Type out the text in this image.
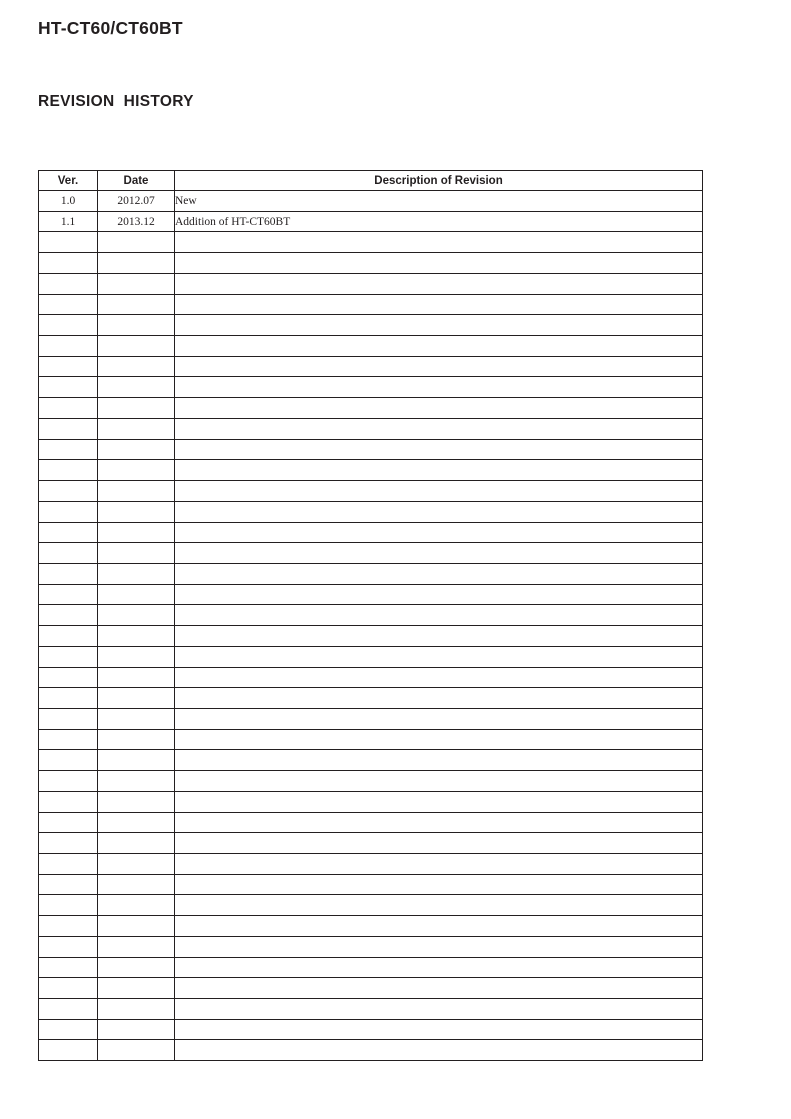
HT-CT60/CT60BT
REVISION  HISTORY
Ver.	Date	Description of Revision
1.0	2012.07	New
1.1	2013.12	Addition of HT-CT60BT
